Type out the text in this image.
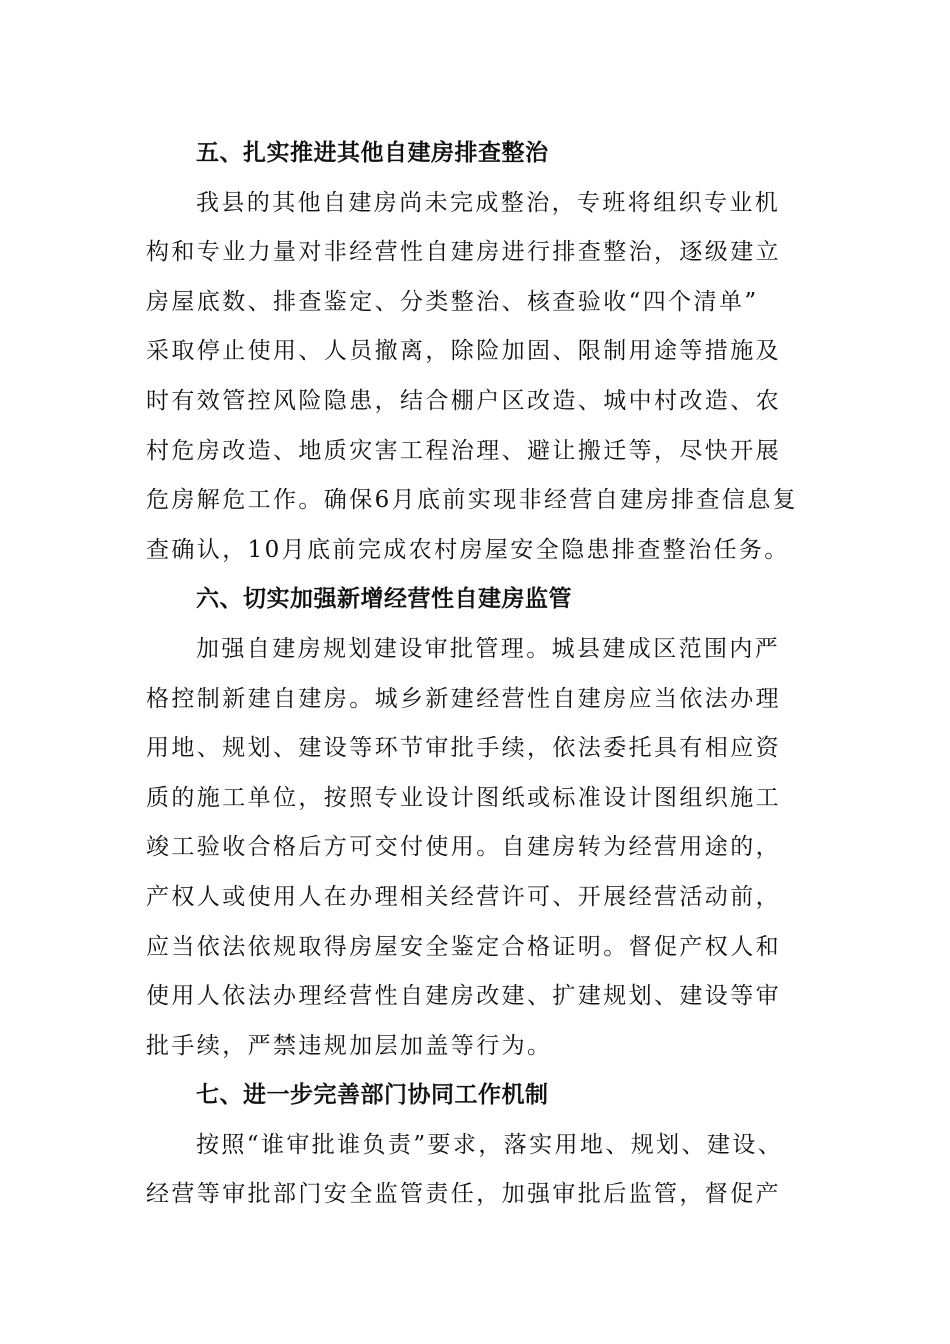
五、扎实推进其他自建房排查整治
我县的其他自建房尚未完成整治，专班将组织专业机
构和专业力量对非经营性自建房进行排查整治，逐级建立
房屋底数、排查鉴定、分类整治、核查验收“四个清单”
采取停止使用、人员撤离，除险加固、限制用途等措施及
时有效管控风险隐患，结合棚户区改造、城中村改造、农
村危房改造、地质灾害工程治理、避让搬迁等，尽快开展
危房解危工作。确保6月底前实现非经营自建房排查信息复
查确认，10月底前完成农村房屋安全隐患排查整治任务。
六、切实加强新增经营性自建房监管
加强自建房规划建设审批管理。城县建成区范围内严
格控制新建自建房。城乡新建经营性自建房应当依法办理
用地、规划、建设等环节审批手续，依法委托具有相应资
质的施工单位，按照专业设计图纸或标准设计图组织施工
竣工验收合格后方可交付使用。自建房转为经营用途的，
产权人或使用人在办理相关经营许可、开展经营活动前，
应当依法依规取得房屋安全鉴定合格证明。督促产权人和
使用人依法办理经营性自建房改建、扩建规划、建设等审
批手续，严禁违规加层加盖等行为。
七、进一步完善部门协同工作机制
按照“谁审批谁负责”要求，落实用地、规划、建设、
经营等审批部门安全监管责任，加强审批后监管，督促产
